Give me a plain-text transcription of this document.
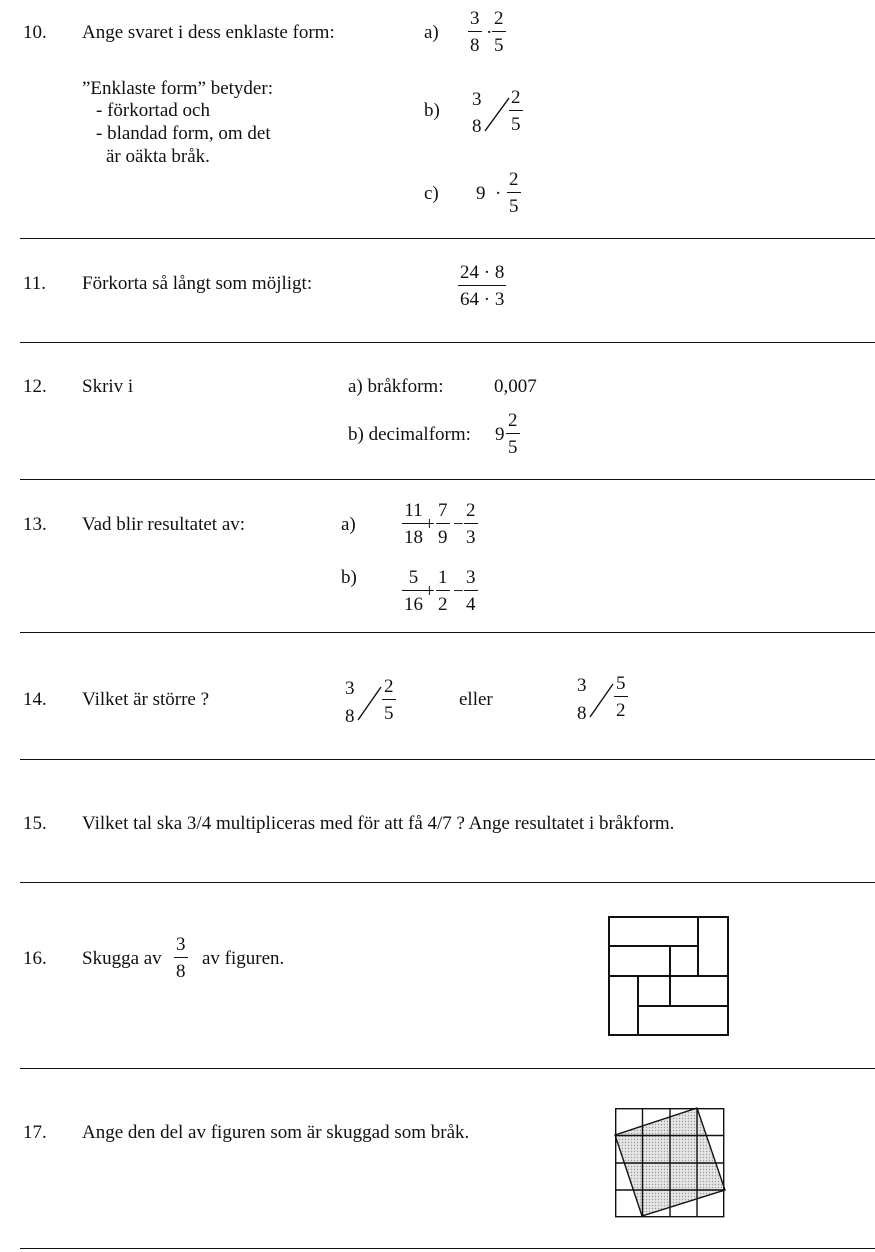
10. Ange svaret i dess enklaste form:
”Enklaste form” betyder:
- förkortad och
- blandad form, om det
är oäkta bråk.
$a) \frac{3}{8} \cdot \frac{2}{5}$
b)
3
$8 \frac{2}{5}$
c) $9 \cdot \frac{2}{5}$
11. Förkorta så långt som möjligt:	$\frac{24 \cdot 8}{64 \cdot 3}$
12. Skriv i	a) bråkform:	0,007
b) decimalform: $9 \frac{2}{5}$
13. Vad blir resultatet av:	$a) \frac{11}{18} + \frac{7}{9} - \frac{2}{3}$
$b) \frac{5}{16} + \frac{1}{2} - \frac{3}{4}$
14. Vilket är större ?
3
$8 \frac{2}{5}$	eller
3
$8 \frac{5}{2}$
15. Vilket tal ska 3/4 multipliceras med för att få 4/7 ? Ange resultatet i bråkform.
16. Skugga av $\frac{3}{8}$ av figuren.
17. Ange den del av figuren som är skuggad som bråk.
